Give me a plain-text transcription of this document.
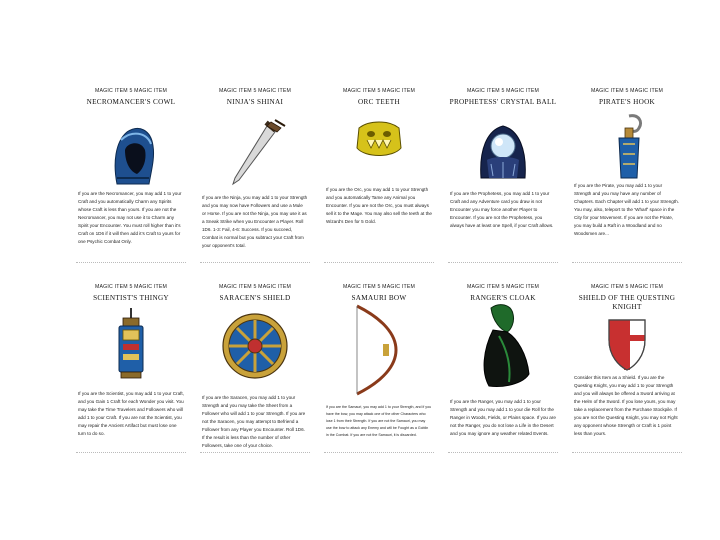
MAGIC ITEM 5 MAGIC ITEM
NECROMANCER'S COWL
If you are the Necromancer, you may add 1 to your Craft and you automatically Charm any Spirits whose Craft is less than yours. If you are not the Necromancer, you may not use it to Charm any Spirit your Encounter. You must roll higher than it's Craft on 1D6 if it will then add it's Craft to yours for one Psychic Combat Only.
MAGIC ITEM 5 MAGIC ITEM
NINJA'S SHINAI
If you are the Ninja, you may add 1 to your Strength and you may now have Followers and use a Mule or Horse. If you are not the Ninja, you may use it as a Sneak Strike when you Encounter a Player. Roll 1D6. 1-3: Fail, 4-6: Success. If you succeed, Combat is normal but you subtract your Craft from your opponent's total.
MAGIC ITEM 5 MAGIC ITEM
ORC TEETH
If you are the Orc, you may add 1 to your Strength and you automatically Tame any Animal you Encounter. If you are not the Orc, you must always sell it to the Mage. You may also sell the teeth at the Wizard's Den for 5 Gold.
MAGIC ITEM 5 MAGIC ITEM
PROPHETESS' CRYSTAL BALL
If you are the Prophetess, you may add 1 to your Craft and any Adventure card you draw is not Encounter you may force another Player to Encounter. If you are not the Prophetess, you always have at least one Spell, if your Craft allows.
MAGIC ITEM 5 MAGIC ITEM
PIRATE'S HOOK
If you are the Pirate, you may add 1 to your Strength and you may have any number of Chapters. Each Chapter will add 1 to your Strength. You may, also, teleport to the 'Wharf' space in the City for your Movement. If you are not the Pirate, you may build a Raft in a Woodland and no Woodsmen are...
MAGIC ITEM 5 MAGIC ITEM
SCIENTIST'S THINGY
If you are the Scientist, you may add 1 to your Craft, and you Gain 1 Craft for each Wonder you visit. You may take the Time Travelers and Followers who will add 1 to your Craft. If you are not the Scientist, you may repair the Ancient Artifact but must lose one turn to do so.
MAGIC ITEM 5 MAGIC ITEM
SARACEN'S SHIELD
If you are the Saracen, you may add 1 to your Strength and you may take the Sheet from a Follower who will add 1 to your Strength. If you are not the Saracen, you may attempt to Befriend a Follower from any Player you Encounter. Roll 1D6. If the result is less than the number of other Followers, take one of your choice.
MAGIC ITEM 5 MAGIC ITEM
SAMAURI BOW
If you are the Samauri, you may add 1 to your Strength, and if you have the bow, you may attack one of the other Characters who lose 1 from their Strength. If you are not the Samauri, you may use the bow to attack any Enemy and will be Fought as a Goblin in the Combat. If you are not the Samauri, it is discarded.
MAGIC ITEM 5 MAGIC ITEM
RANGER'S CLOAK
If you are the Ranger, you may add 1 to your Strength and you may add 1 to your die Roll for the Ranger in Woods, Fields, or Plains space. If you are not the Ranger, you do not lose a Life in the Desert and you may ignore any weather related Events.
MAGIC ITEM 5 MAGIC ITEM
SHIELD OF THE QUESTING KNIGHT
Consider this Item as a Shield. If you are the Questing Knight, you may add 1 to your Strength and you will always be offered a Sword arriving at the Helm of the Sword. If you lose yours, you may take a replacement from the Purchase Stockpile. If you are not the Questing Knight, you may not Fight any opponent whose Strength or Craft is 1 point less than yours.
